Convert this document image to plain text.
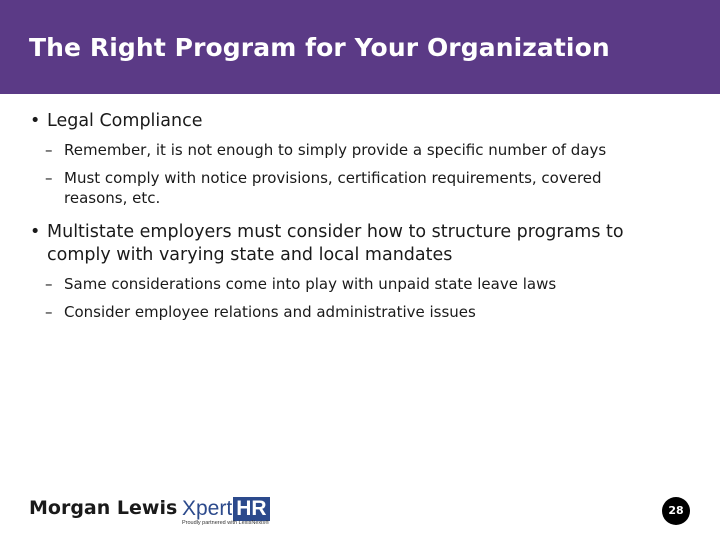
The Right Program for Your Organization
• Legal Compliance
– Remember, it is not enough to simply provide a specific number of days
– Must comply with notice provisions, certification requirements, covered
reasons, etc.
• Multistate employers must consider how to structure programs to
comply with varying state and local mandates
– Same considerations come into play with unpaid state leave laws
– Consider employee relations and administrative issues
Morgan Lewis Xpert HR
Proudly partnered with LexisNexis®
28
